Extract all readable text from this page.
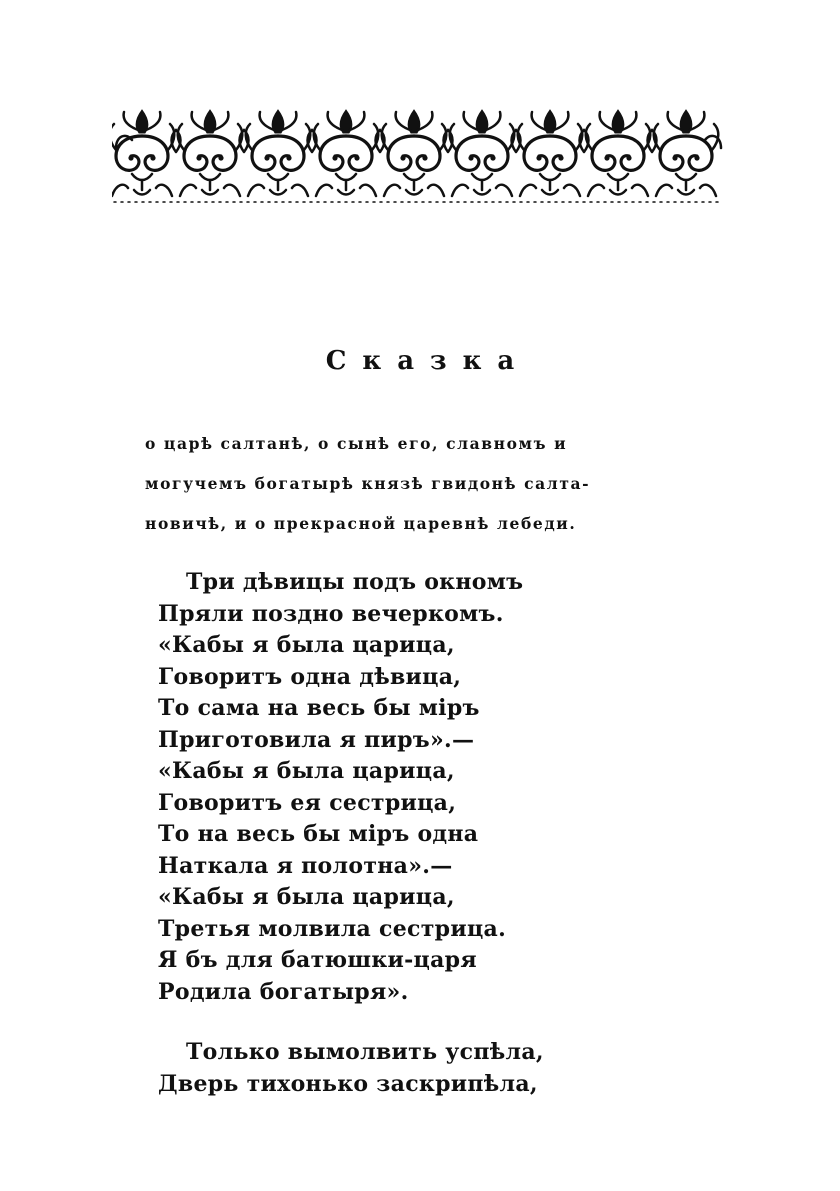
Сказка
о царѣ салтанѣ, о сынѣ его, славномъ и
могучемъ богатырѣ князѣ гвидонѣ салта-
новичѣ, и о прекрасной царевнѣ лебеди.
Три дѣвицы подъ окномъ
Пряли поздно вечеркомъ.
«Кабы я была царица,
Говоритъ одна дѣвица,
То сама на весь бы міръ
Приготовила я пиръ».—
«Кабы я была царица,
Говоритъ ея сестрица,
То на весь бы міръ одна
Наткала я полотна».—
«Кабы я была царица,
Третья молвила сестрица.
Я бъ для батюшки-царя
Родила богатыря».
Только вымолвить успѣла,
Дверь тихонько заскрипѣла,
